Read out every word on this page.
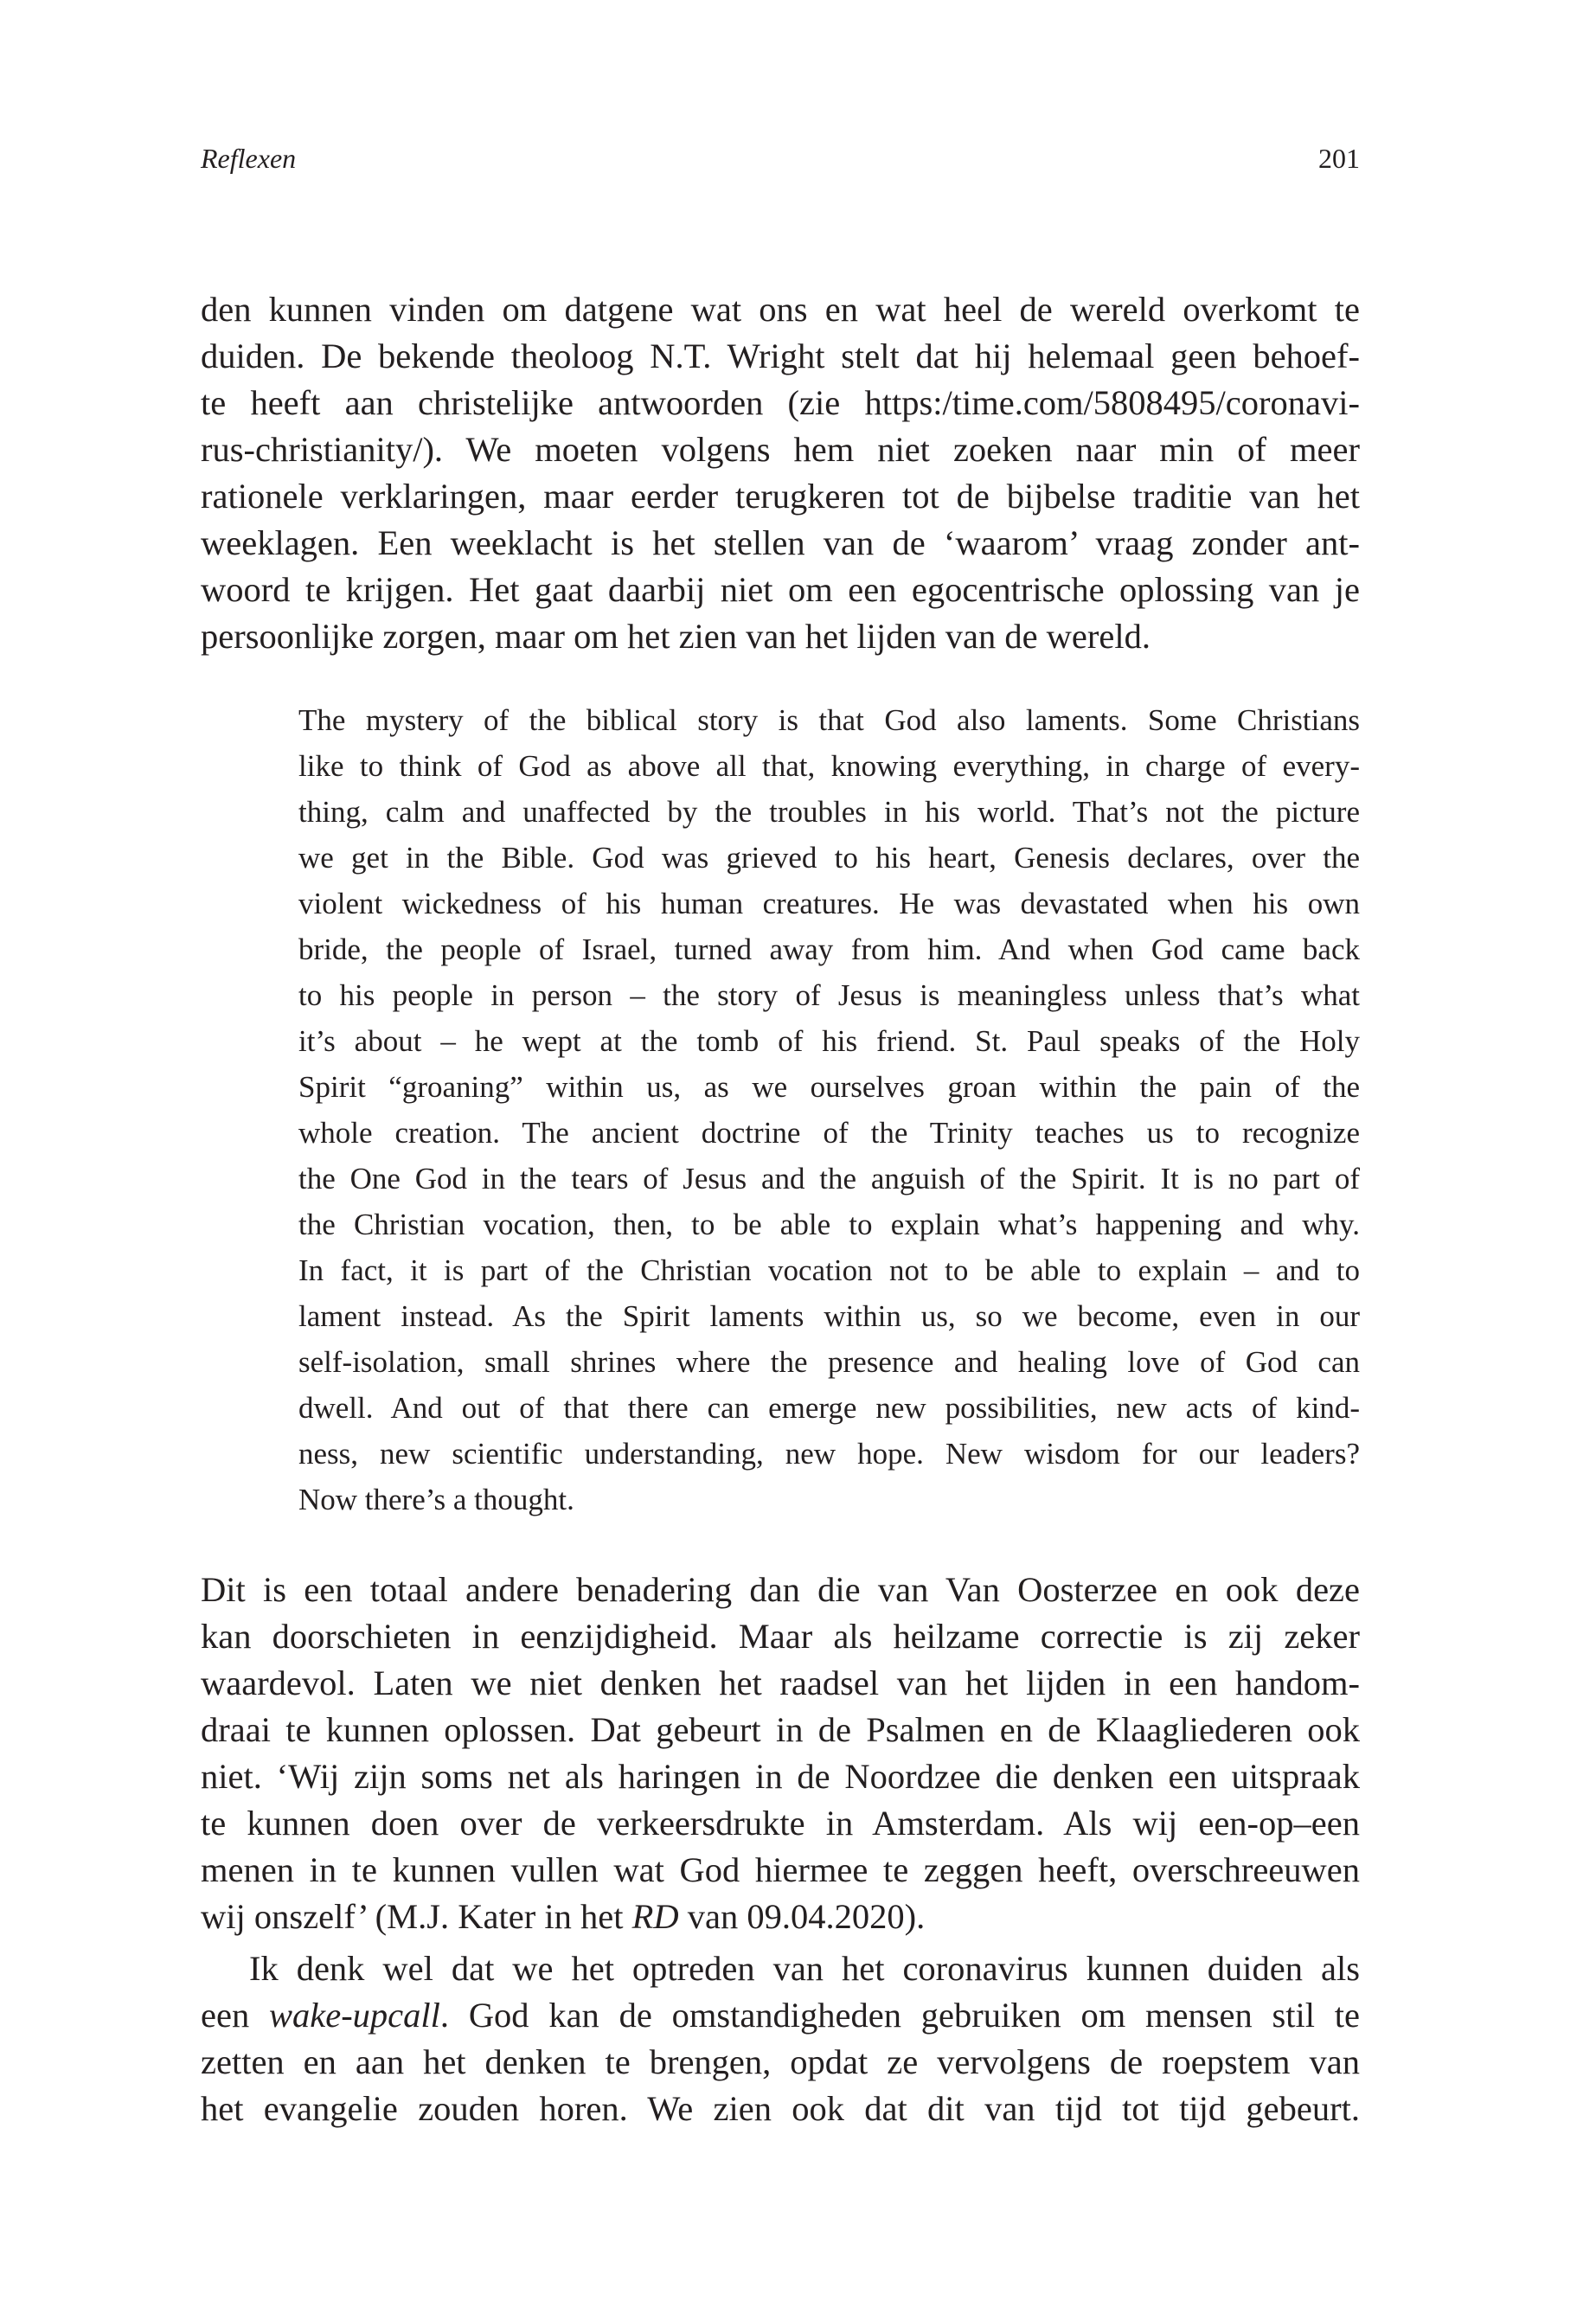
Reflexen	201
den kunnen vinden om datgene wat ons en wat heel de wereld overkomt te
duiden. De bekende theoloog N.T. Wright stelt dat hij helemaal geen behoef-
te heeft aan christelijke antwoorden (zie https:/time.com/5808495/coronavi-
rus-christianity/). We moeten volgens hem niet zoeken naar min of meer
rationele verklaringen, maar eerder terugkeren tot de bijbelse traditie van het
weeklagen. Een weeklacht is het stellen van de ‘waarom’ vraag zonder ant-
woord te krijgen. Het gaat daarbij niet om een egocentrische oplossing van je
persoonlijke zorgen, maar om het zien van het lijden van de wereld.
The mystery of the biblical story is that God also laments. Some Christians
like to think of God as above all that, knowing everything, in charge of every-
thing, calm and unaffected by the troubles in his world. That’s not the picture
we get in the Bible. God was grieved to his heart, Genesis declares, over the
violent wickedness of his human creatures. He was devastated when his own
bride, the people of Israel, turned away from him. And when God came back
to his people in person – the story of Jesus is meaningless unless that’s what
it’s about – he wept at the tomb of his friend. St. Paul speaks of the Holy
Spirit “groaning” within us, as we ourselves groan within the pain of the
whole creation. The ancient doctrine of the Trinity teaches us to recognize
the One God in the tears of Jesus and the anguish of the Spirit. It is no part of
the Christian vocation, then, to be able to explain what’s happening and why.
In fact, it is part of the Christian vocation not to be able to explain – and to
lament instead. As the Spirit laments within us, so we become, even in our
self-isolation, small shrines where the presence and healing love of God can
dwell. And out of that there can emerge new possibilities, new acts of kind-
ness, new scientific understanding, new hope. New wisdom for our leaders?
Now there’s a thought.
Dit is een totaal andere benadering dan die van Van Oosterzee en ook deze
kan doorschieten in eenzijdigheid. Maar als heilzame correctie is zij zeker
waardevol. Laten we niet denken het raadsel van het lijden in een handom-
draai te kunnen oplossen. Dat gebeurt in de Psalmen en de Klaagliederen ook
niet. ‘Wij zijn soms net als haringen in de Noordzee die denken een uitspraak
te kunnen doen over de verkeersdrukte in Amsterdam. Als wij een-op–een
menen in te kunnen vullen wat God hiermee te zeggen heeft, overschreeuwen
wij onszelf’ (M.J. Kater in het RD van 09.04.2020).
Ik denk wel dat we het optreden van het coronavirus kunnen duiden als
een wake-upcall. God kan de omstandigheden gebruiken om mensen stil te
zetten en aan het denken te brengen, opdat ze vervolgens de roepstem van
het evangelie zouden horen. We zien ook dat dit van tijd tot tijd gebeurt.
